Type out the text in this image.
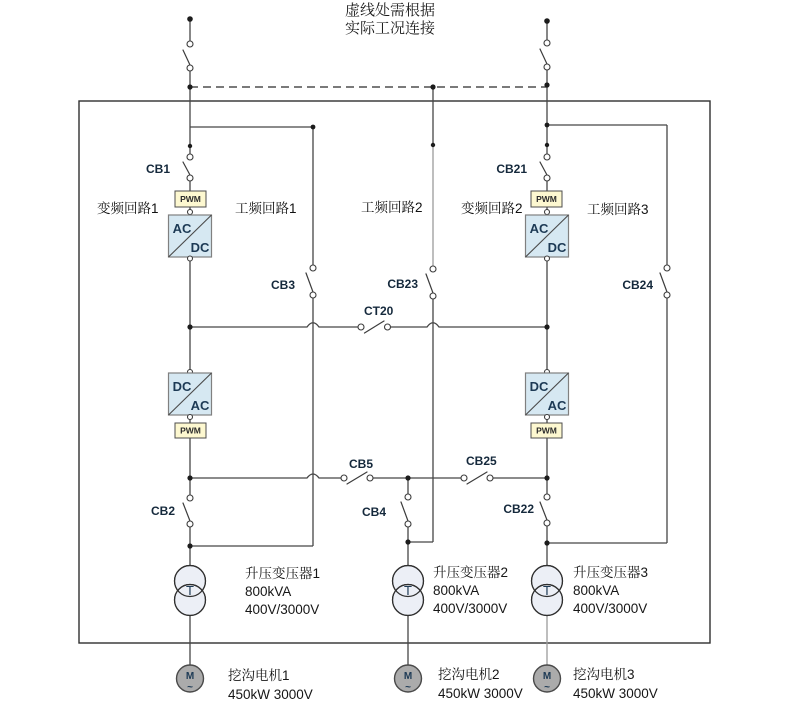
虚线处需根据
实际工况连接
CB1	CB21
CB3	CB23	CB24
CT20
CB5	CB25
CB2	CB4	CB22
变频回路1	工频回路1	工频回路2	变频回路2	工频回路3
PWM
AC
DC
PWM
AC
DC
DC
AC
PWM
DC
AC
PWM
T
升压变压器1
800kVA
400V/3000V
T
升压变压器2
800kVA
400V/3000V
T
升压变压器3
800kVA
400V/3000V
M
~
挖沟电机1
450kW 3000V
M
~
挖沟电机2
450kW 3000V
M
~
挖沟电机3
450kW 3000V
